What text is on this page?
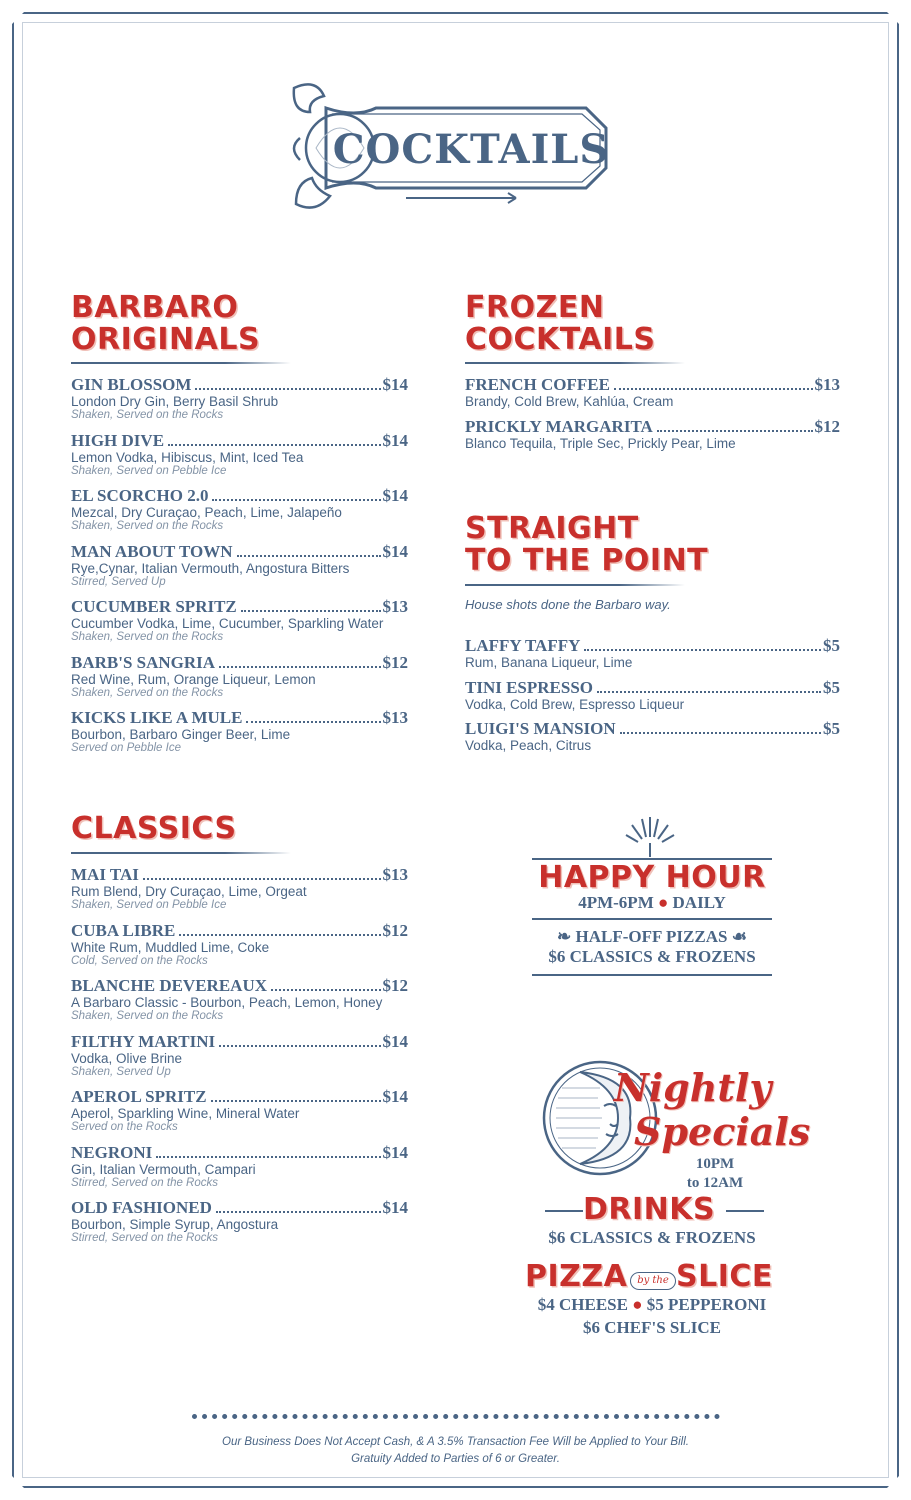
COCKTAILS
BARBARO
ORIGINALS
GIN BLOSSOM	$14
London Dry Gin, Berry Basil Shrub
Shaken, Served on the Rocks
HIGH DIVE	$14
Lemon Vodka, Hibiscus, Mint, Iced Tea
Shaken, Served on Pebble Ice
EL SCORCHO 2.0	$14
Mezcal, Dry Curaçao, Peach, Lime, Jalapeño
Shaken, Served on the Rocks
MAN ABOUT TOWN	$14
Rye,Cynar, Italian Vermouth, Angostura Bitters
Stirred, Served Up
CUCUMBER SPRITZ	$13
Cucumber Vodka, Lime, Cucumber, Sparkling Water
Shaken, Served on the Rocks
BARB'S SANGRIA	$12
Red Wine, Rum, Orange Liqueur, Lemon
Shaken, Served on the Rocks
KICKS LIKE A MULE	$13
Bourbon, Barbaro Ginger Beer, Lime
Served on Pebble Ice
FROZEN
COCKTAILS
FRENCH COFFEE	$13
Brandy, Cold Brew, Kahlúa, Cream
PRICKLY MARGARITA	$12
Blanco Tequila, Triple Sec, Prickly Pear, Lime
STRAIGHT
TO THE POINT
House shots done the Barbaro way.
LAFFY TAFFY	$5
Rum, Banana Liqueur, Lime
TINI ESPRESSO	$5
Vodka, Cold Brew, Espresso Liqueur
LUIGI'S MANSION	$5
Vodka, Peach, Citrus
CLASSICS
MAI TAI	$13
Rum Blend, Dry Curaçao, Lime, Orgeat
Shaken, Served on Pebble Ice
CUBA LIBRE	$12
White Rum, Muddled Lime, Coke
Cold, Served on the Rocks
BLANCHE DEVEREAUX	$12
A Barbaro Classic - Bourbon, Peach, Lemon, Honey
Shaken, Served on the Rocks
FILTHY MARTINI	$14
Vodka, Olive Brine
Shaken, Served Up
APEROL SPRITZ	$14
Aperol, Sparkling Wine, Mineral Water
Served on the Rocks
NEGRONI	$14
Gin, Italian Vermouth, Campari
Stirred, Served on the Rocks
OLD FASHIONED	$14
Bourbon, Simple Syrup, Angostura
Stirred, Served on the Rocks
HAPPY HOUR
4PM-6PM ● DAILY
❧ HALF-OFF PIZZAS ☙
$6 CLASSICS & FROZENS
Nightly
Specials
10PM
to 12AM
DRINKS
$6 CLASSICS & FROZENS
PIZZA by the SLICE
$4 CHEESE ● $5 PEPPERONI
$6 CHEF'S SLICE
Our Business Does Not Accept Cash, & A 3.5% Transaction Fee Will be Applied to Your Bill.
Gratuity Added to Parties of 6 or Greater.
